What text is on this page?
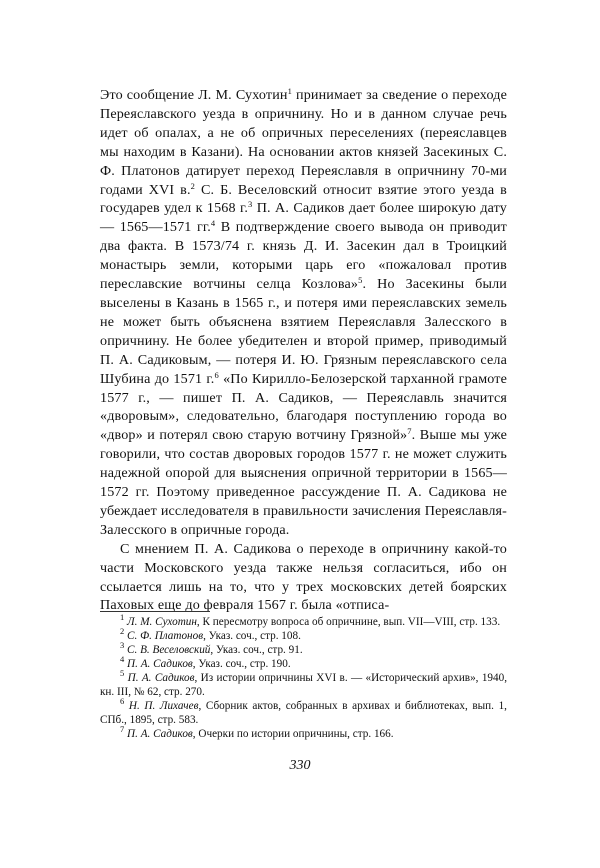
Это сообщение Л. М. Сухотин$^1$ принимает за сведение о переходе Переяславского уезда в опричнину. Но и в данном случае речь идет об опалах, а не об опричных переселениях (переяславцев мы находим в Казани). На основании актов князей Засекиных С. Ф. Платонов датирует переход Переяславля в опричнину 70-ми годами XVI в.$^2$ С. Б. Веселовский относит взятие этого уезда в государев удел к 1568 г.$^3$ П. А. Садиков дает более широкую дату — 1565—1571 гг.$^4$ В подтверждение своего вывода он приводит два факта. В 1573/74 г. князь Д. И. Засекин дал в Троицкий монастырь земли, которыми царь его «пожаловал против переславские вотчины селца Козлова»$^5$. Но Засекины были выселены в Казань в 1565 г., и потеря ими переяславских земель не может быть объяснена взятием Переяславля Залесского в опричнину. Не более убедителен и второй пример, приводимый П. А. Садиковым, — потеря И. Ю. Грязным переяславского села Шубина до 1571 г.$^6$ «По Кирилло-Белозерской тарханной грамоте 1577 г., — пишет П. А. Садиков, — Переяславль значится «дворовым», следовательно, благодаря поступлению города во «двор» и потерял свою старую вотчину Грязной»$^7$. Выше мы уже говорили, что состав дворовых городов 1577 г. не может служить надежной опорой для выяснения опричной территории в 1565—1572 гг. Поэтому приведенное рассуждение П. А. Садикова не убеждает исследователя в правильности зачисления Переяславля-Залесского в опричные города.

С мнением П. А. Садикова о переходе в опричнину какой-то части Московского уезда также нельзя согласиться, ибо он ссылается лишь на то, что у трех московских детей боярских Паховых еще до февраля 1567 г. была «отписа-

$^1$ Л. М. Сухотин, К пересмотру вопроса об опричнине, вып. VII—VIII, стр. 133.

$^2$ С. Ф. Платонов, Указ. соч., стр. 108.

$^3$ С. В. Веселовский, Указ. соч., стр. 91.

$^4$ П. А. Садиков, Указ. соч., стр. 190.

$^5$ П. А. Садиков, Из истории опричнины XVI в. — «Исторический архив», 1940, кн. III, № 62, стр. 270.

$^6$ Н. П. Лихачев, Сборник актов, собранных в архивах и библиотеках, вып. 1, СПб., 1895, стр. 583.

$^7$ П. А. Садиков, Очерки по истории опричнины, стр. 166.

330
